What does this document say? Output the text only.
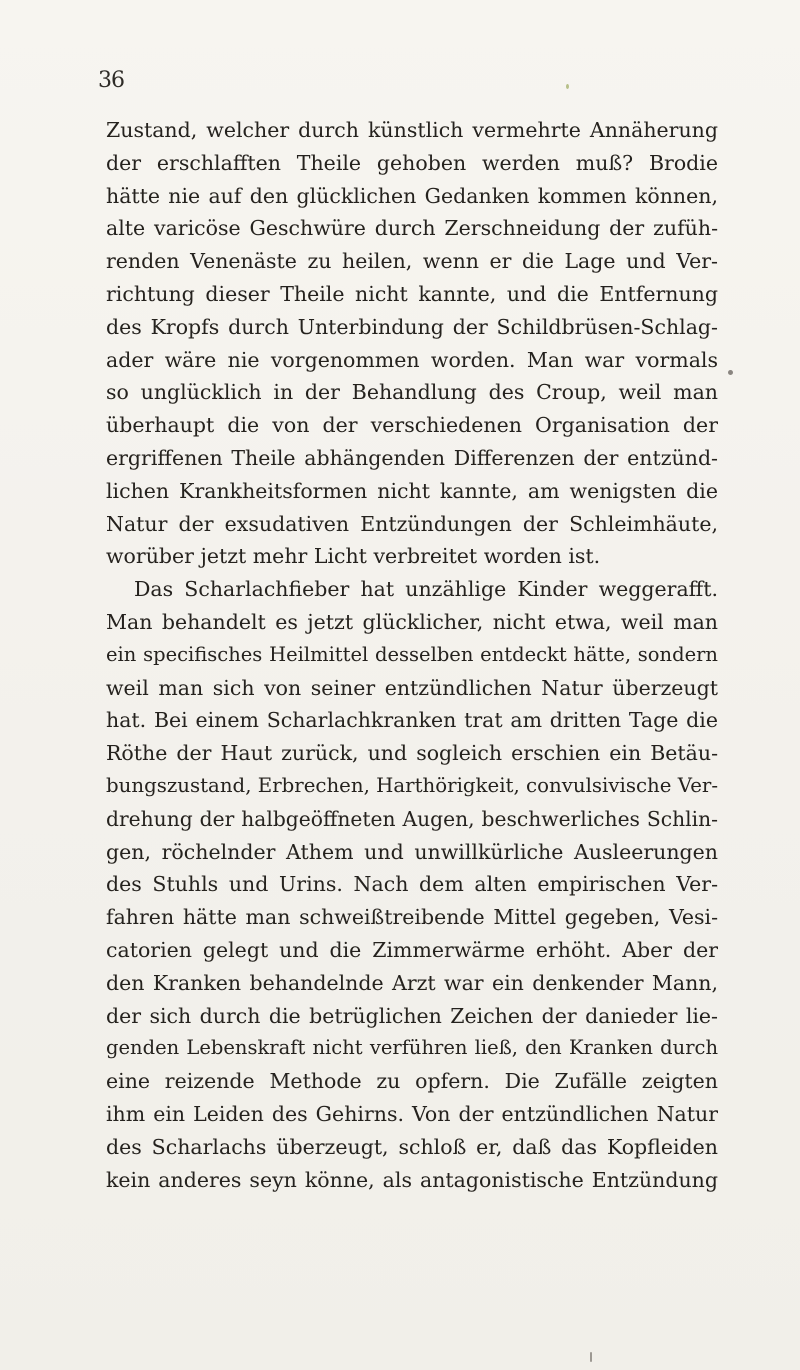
36
Zustand, welcher durch künstlich vermehrte Annäherung
der erschlafften Theile gehoben werden muß? Brodie
hätte nie auf den glücklichen Gedanken kommen können,
alte varicöse Geschwüre durch Zerschneidung der zufüh-
renden Venenäste zu heilen, wenn er die Lage und Ver-
richtung dieser Theile nicht kannte, und die Entfernung
des Kropfs durch Unterbindung der Schildbrüsen-Schlag-
ader wäre nie vorgenommen worden. Man war vormals
so unglücklich in der Behandlung des Croup, weil man
überhaupt die von der verschiedenen Organisation der
ergriffenen Theile abhängenden Differenzen der entzünd-
lichen Krankheitsformen nicht kannte, am wenigsten die
Natur der exsudativen Entzündungen der Schleimhäute,
worüber jetzt mehr Licht verbreitet worden ist.
Das Scharlachfieber hat unzählige Kinder weggerafft.
Man behandelt es jetzt glücklicher, nicht etwa, weil man
ein specifisches Heilmittel desselben entdeckt hätte, sondern
weil man sich von seiner entzündlichen Natur überzeugt
hat. Bei einem Scharlachkranken trat am dritten Tage die
Röthe der Haut zurück, und sogleich erschien ein Betäu-
bungszustand, Erbrechen, Harthörigkeit, convulsivische Ver-
drehung der halbgeöffneten Augen, beschwerliches Schlin-
gen, röchelnder Athem und unwillkürliche Ausleerungen
des Stuhls und Urins. Nach dem alten empirischen Ver-
fahren hätte man schweißtreibende Mittel gegeben, Vesi-
catorien gelegt und die Zimmerwärme erhöht. Aber der
den Kranken behandelnde Arzt war ein denkender Mann,
der sich durch die betrüglichen Zeichen der danieder lie-
genden Lebenskraft nicht verführen ließ, den Kranken durch
eine reizende Methode zu opfern. Die Zufälle zeigten
ihm ein Leiden des Gehirns. Von der entzündlichen Natur
des Scharlachs überzeugt, schloß er, daß das Kopfleiden
kein anderes seyn könne, als antagonistische Entzündung
